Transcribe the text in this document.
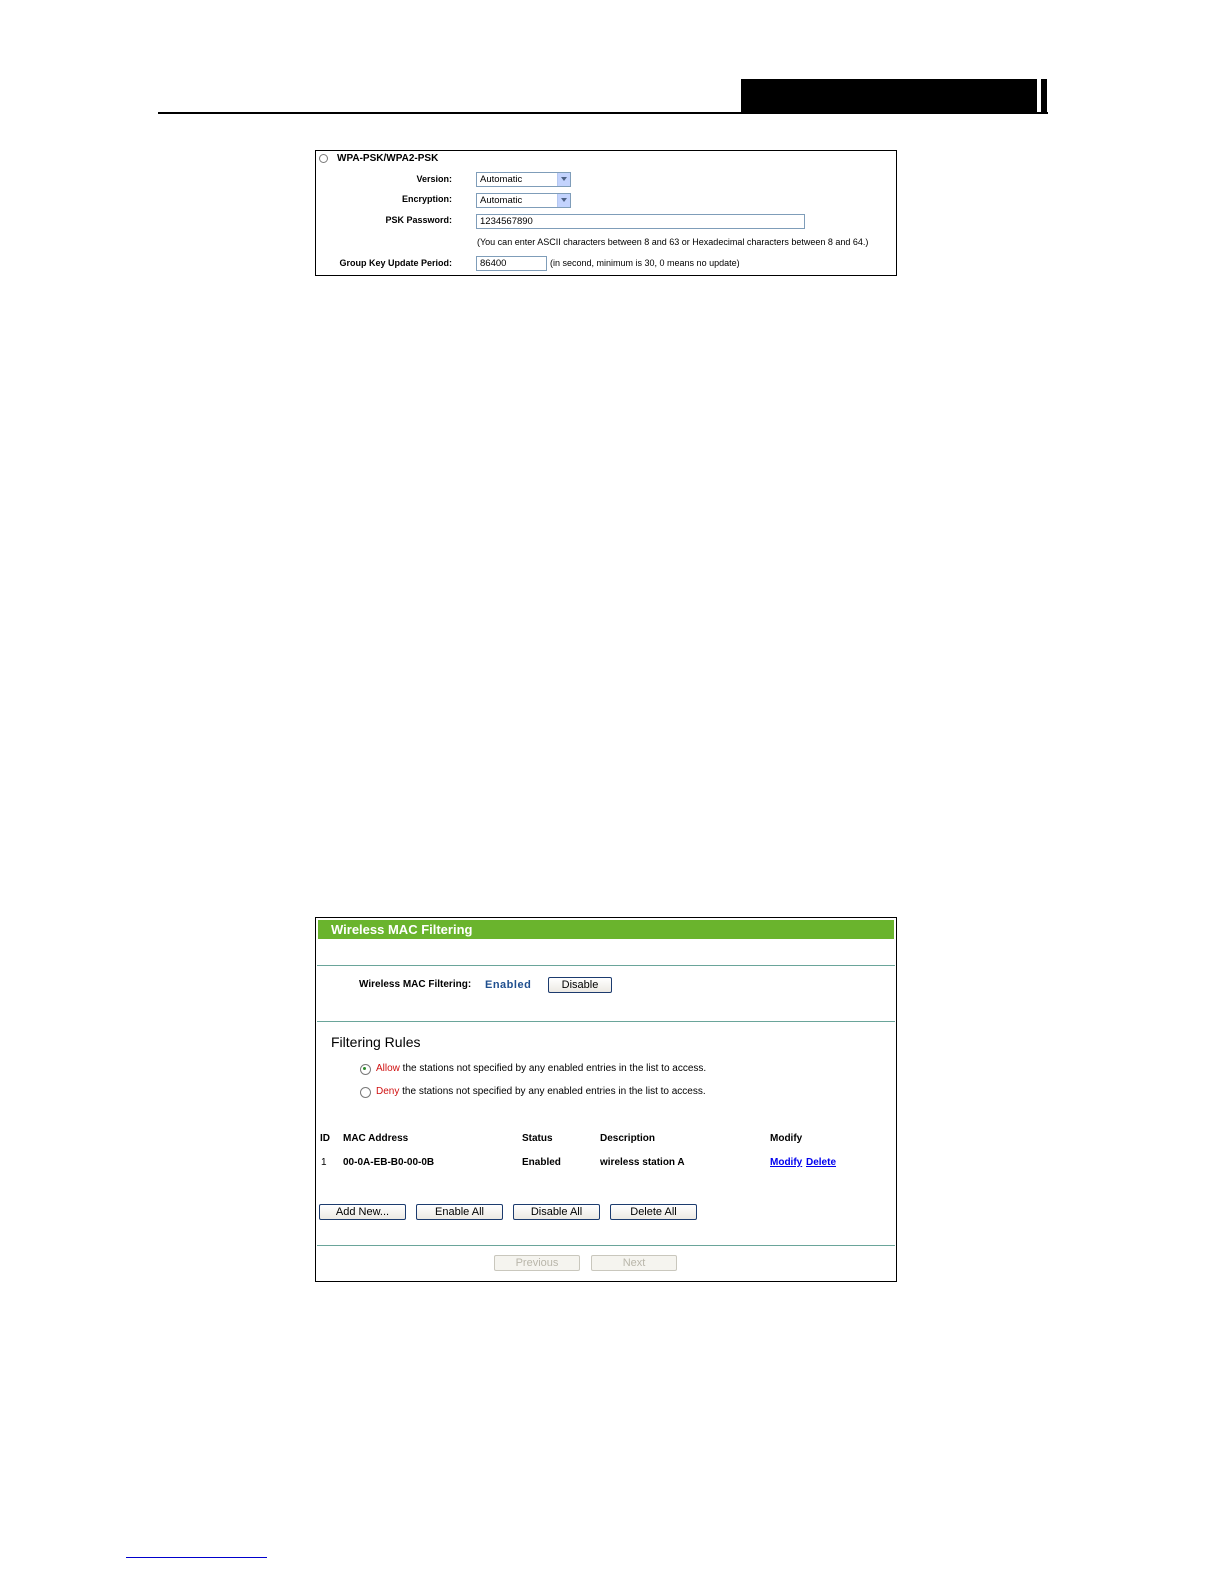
WPA-PSK/WPA2-PSK
Version:	Automatic
Encryption:	Automatic
PSK Password:	1234567890
(You can enter ASCII characters between 8 and 63 or Hexadecimal characters between 8 and 64.)
Group Key Update Period:	86400	(in second, minimum is 30, 0 means no update)
Wireless MAC Filtering
Wireless MAC Filtering: Enabled	Disable
Filtering Rules
Allow the stations not specified by any enabled entries in the list to access.
Deny the stations not specified by any enabled entries in the list to access.
ID MAC Address	Status	Description	Modify
1 00-0A-EB-B0-00-0B	Enabled	wireless station A	Modify Delete
Add New...	Enable All	Disable All	Delete All
Previous	Next
